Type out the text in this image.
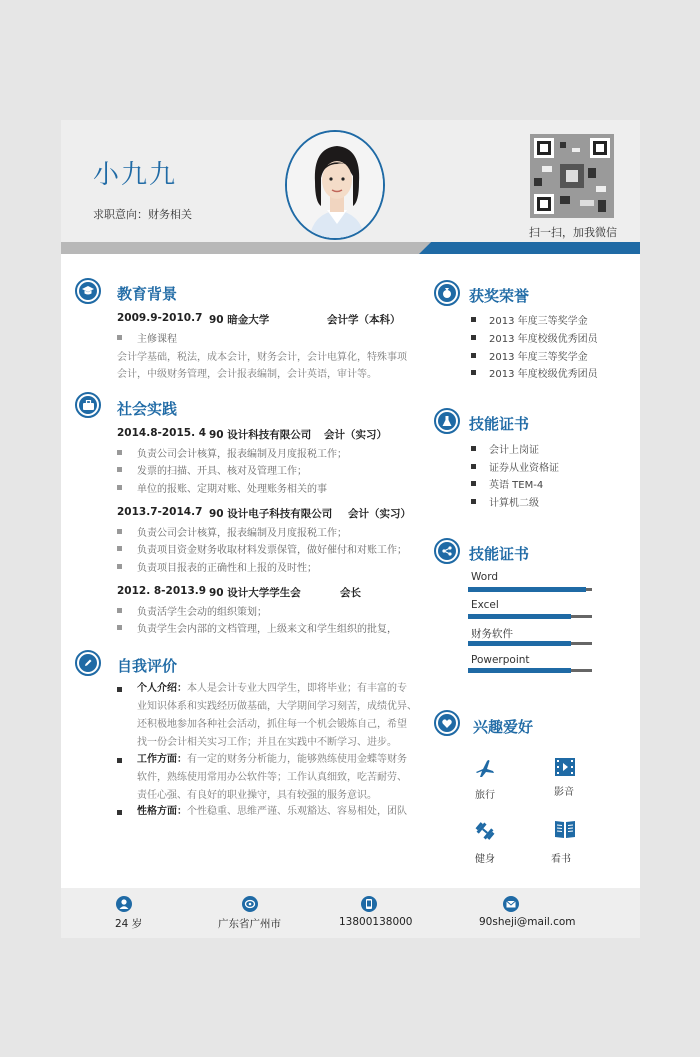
小九九
求职意向：财务相关
扫一扫，加我微信
教育背景
2009.9-2010.7 90 暗金大学	会计学（本科）
主修课程
会计学基础，税法，成本会计，财务会计，会计电算化，特殊事项
会计，中级财务管理，会计报表编制，会计英语，审计等。
社会实践
2014.8-2015. 4 90 设计科技有限公司 会计（实习）
负责公司会计核算，报表编制及月度报税工作；
发票的扫描、开具、核对及管理工作；
单位的报账、定期对账、处理账务相关的事
2013.7-2014.7 90 设计电子科技有限公司 会计（实习）
负责公司会计核算，报表编制及月度报税工作；
负责项目资金财务收取材料发票保管，做好催付和对账工作；
负责项目报表的正确性和上报的及时性；
2012. 8-2013.9 90 设计大学学生会	会长
负责活学生会动的组织策划；
负责学生会内部的文档管理，上级来文和学生组织的批复，
自我评价
个人介绍：本人是会计专业大四学生，即将毕业；有丰富的专
业知识体系和实践经历做基础，大学期间学习刻苦，成绩优异、
还积极地参加各种社会活动，抓住每一个机会锻炼自己，希望
找一份会计相关实习工作；并且在实践中不断学习、进步。
工作方面：有一定的财务分析能力，能够熟练使用金蝶等财务
软件，熟练使用常用办公软件等；工作认真细致，吃苦耐劳、
责任心强、有良好的职业操守，具有较强的服务意识。
性格方面：个性稳重、思维严谨、乐观豁达、容易相处，团队
获奖荣誉
2013 年度三等奖学金
2013 年度校级优秀团员
2013 年度三等奖学金
2013 年度校级优秀团员
技能证书
会计上岗证
证券从业资格证
英语 TEM-4
计算机二级
技能证书
Word
Excel
财务软件
Powerpoint
兴趣爱好
旅行	影音
健身	看书
24 岁	广东省广州市	13800138000	90sheji@mail.com
